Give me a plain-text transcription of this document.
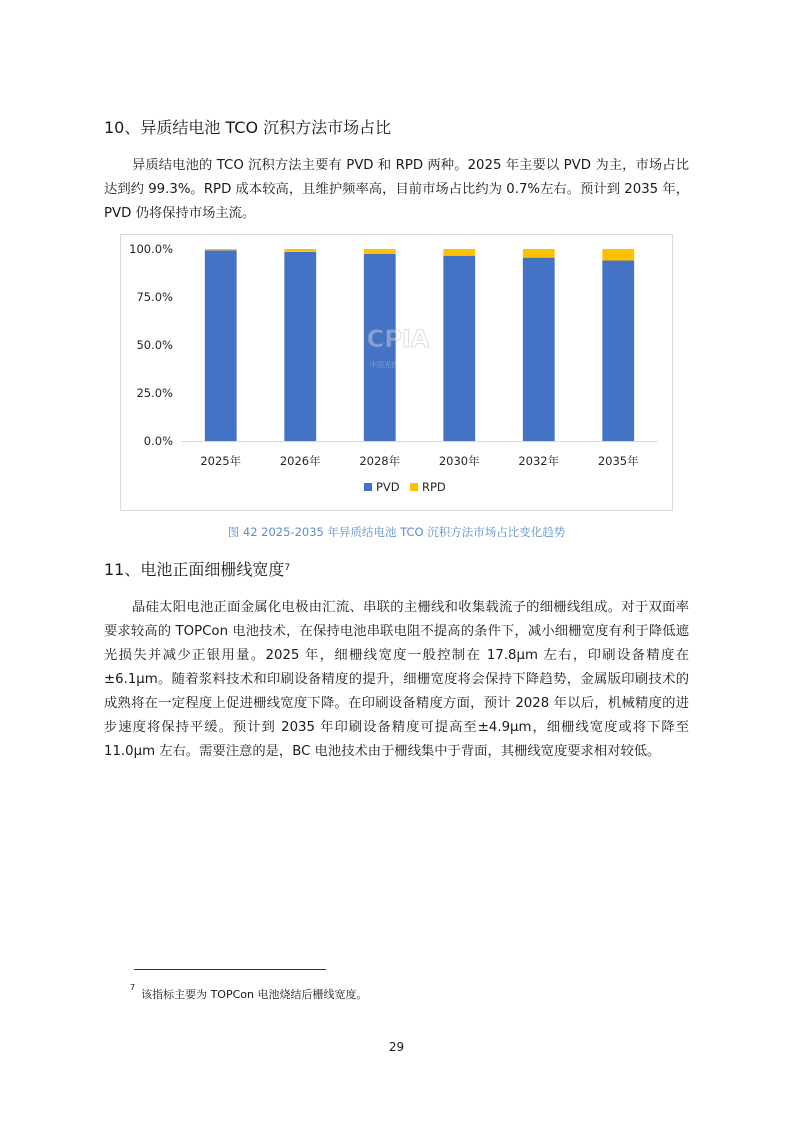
10、异质结电池 TCO 沉积方法市场占比
异质结电池的 TCO 沉积方法主要有 PVD 和 RPD 两种。2025 年主要以 PVD 为主，市场占比达到约 99.3%。RPD 成本较高，且维护频率高，目前市场占比约为 0.7%左右。预计到 2035 年，PVD 仍将保持市场主流。
0.0%
25.0%
50.0%
75.0%
100.0%
2025年	2026年	2028年	2030年	2032年	2035年
PVD RPD
CPIA
中国光伏行业协会
图 42 2025-2035 年异质结电池 TCO 沉积方法市场占比变化趋势
11、电池正面细栅线宽度$^7$
晶硅太阳电池正面金属化电极由汇流、串联的主栅线和收集载流子的细栅线组成。对于双面率要求较高的 TOPCon 电池技术，在保持电池串联电阻不提高的条件下，减小细栅宽度有利于降低遮光损失并减少正银用量。2025 年，细栅线宽度一般控制在 17.8μm 左右，印刷设备精度在±6.1μm。随着浆料技术和印刷设备精度的提升，细栅宽度将会保持下降趋势，金属版印刷技术的成熟将在一定程度上促进栅线宽度下降。在印刷设备精度方面，预计 2028 年以后，机械精度的进步速度将保持平缓。预计到 2035 年印刷设备精度可提高至±4.9μm，细栅线宽度或将下降至 11.0μm 左右。需要注意的是，BC 电池技术由于栅线集中于背面，其栅线宽度要求相对较低。
$^7$该指标主要为 TOPCon 电池烧结后栅线宽度。
29
